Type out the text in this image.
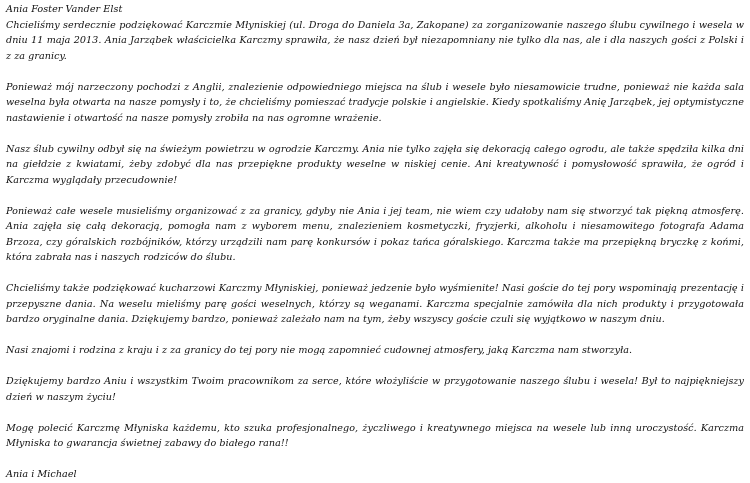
Ania Foster Vander Elst

Chcieliśmy serdecznie podziękować Karczmie Młyniskiej (ul. Droga do Daniela 3a, Zakopane) za zorganizowanie naszego ślubu cywilnego i wesela w dniu 11 maja 2013. Ania Jarząbek właścicielka Karczmy sprawiła, że nasz dzień był niezapomniany nie tylko dla nas, ale i dla naszych gości z Polski i z za granicy.

Ponieważ mój narzeczony pochodzi z Anglii, znalezienie odpowiedniego miejsca na ślub i wesele było niesamowicie trudne, ponieważ nie każda sala weselna była otwarta na nasze pomysły i to, że chcieliśmy pomieszać tradycje polskie i angielskie. Kiedy spotkaliśmy Anię Jarząbek, jej optymistyczne nastawienie i otwartość na nasze pomysły zrobiła na nas ogromne wrażenie.

Nasz ślub cywilny odbył się na świeżym powietrzu w ogrodzie Karczmy. Ania nie tylko zajęła się dekoracją całego ogrodu, ale także spędziła kilka dni na giełdzie z kwiatami, żeby zdobyć dla nas przepiękne produkty weselne w niskiej cenie. Ani kreatywność i pomysłowość sprawiła, że ogród i Karczma wyglądały przecudownie!

Ponieważ całe wesele musieliśmy organizować z za granicy, gdyby nie Ania i jej team, nie wiem czy udałoby nam się stworzyć tak piękną atmosferę. Ania zajęła się całą dekoracją, pomogła nam z wyborem menu, znalezieniem kosmetyczki, fryzjerki, alkoholu i niesamowitego fotografa Adama Brzoza, czy góralskich rozbójników, którzy urządzili nam parę konkursów i pokaz tańca góralskiego. Karczma także ma przepiękną bryczkę z końmi, która zabrała nas i naszych rodziców do ślubu.

Chcieliśmy także podziękować kucharzowi Karczmy Młyniskiej, ponieważ jedzenie było wyśmienite! Nasi goście do tej pory wspominają prezentację i przepyszne dania. Na weselu mieliśmy parę gości weselnych, którzy są weganami. Karczma specjalnie zamówiła dla nich produkty i przygotowała bardzo oryginalne dania. Dziękujemy bardzo, ponieważ zależało nam na tym, żeby wszyscy goście czuli się wyjątkowo w naszym dniu.

Nasi znajomi i rodzina z kraju i z za granicy do tej pory nie mogą zapomnieć cudownej atmosfery, jaką Karczma nam stworzyła.

Dziękujemy bardzo Aniu i wszystkim Twoim pracownikom za serce, które włożyliście w przygotowanie naszego ślubu i wesela! Był to najpiękniejszy dzień w naszym życiu!

Mogę polecić Karczmę Młyniska każdemu, kto szuka profesjonalnego, życzliwego i kreatywnego miejsca na wesele lub inną uroczystość. Karczma Młyniska to gwarancja świetnej zabawy do białego rana!!

Ania i Michael
